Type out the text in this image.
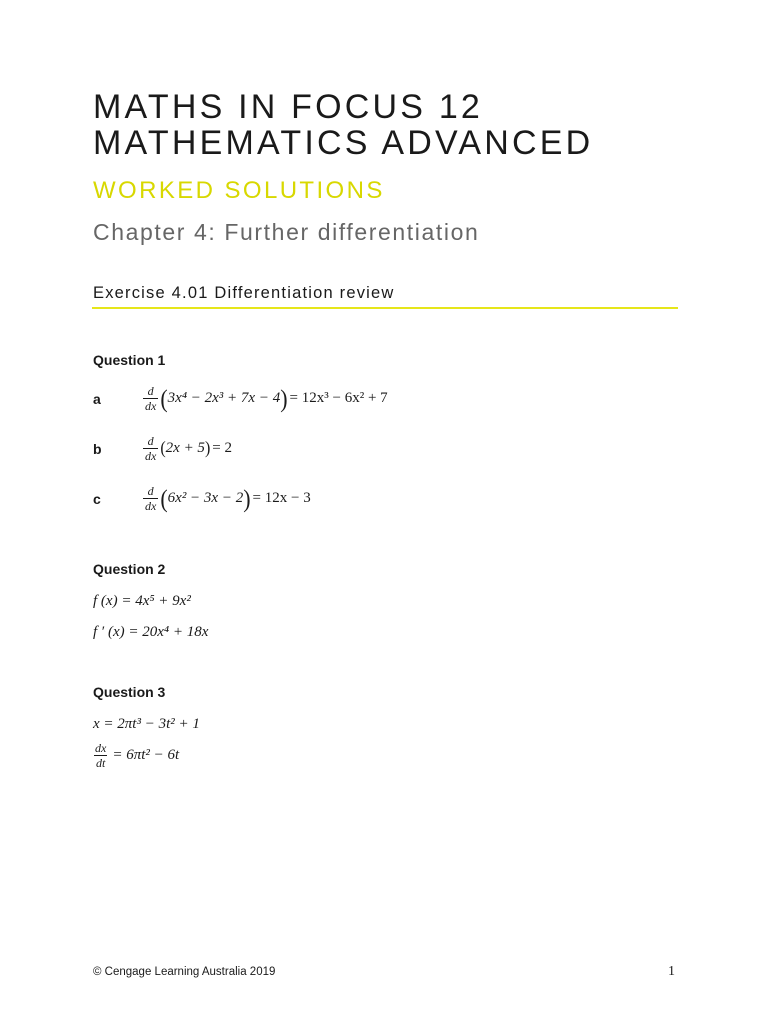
MATHS IN FOCUS 12
MATHEMATICS ADVANCED
WORKED SOLUTIONS
Chapter 4: Further differentiation
Exercise 4.01 Differentiation review
Question 1
a	$\frac{d}{dx}$ ( 3x⁴ − 2x³ + 7x − 4 ) = 12x³ − 6x² + 7
b	$\frac{d}{dx}$ ( 2x + 5 ) = 2
c	$\frac{d}{dx}$ ( 6x² − 3x − 2 ) = 12x − 3
Question 2
f (x) = 4x⁵ + 9x²
f ′ (x) = 20x⁴ + 18x
Question 3
x = 2πt³ − 3t² + 1
$\frac{dx}{dt} = 6\pi t^2 - 6t$
© Cengage Learning Australia 2019	1
